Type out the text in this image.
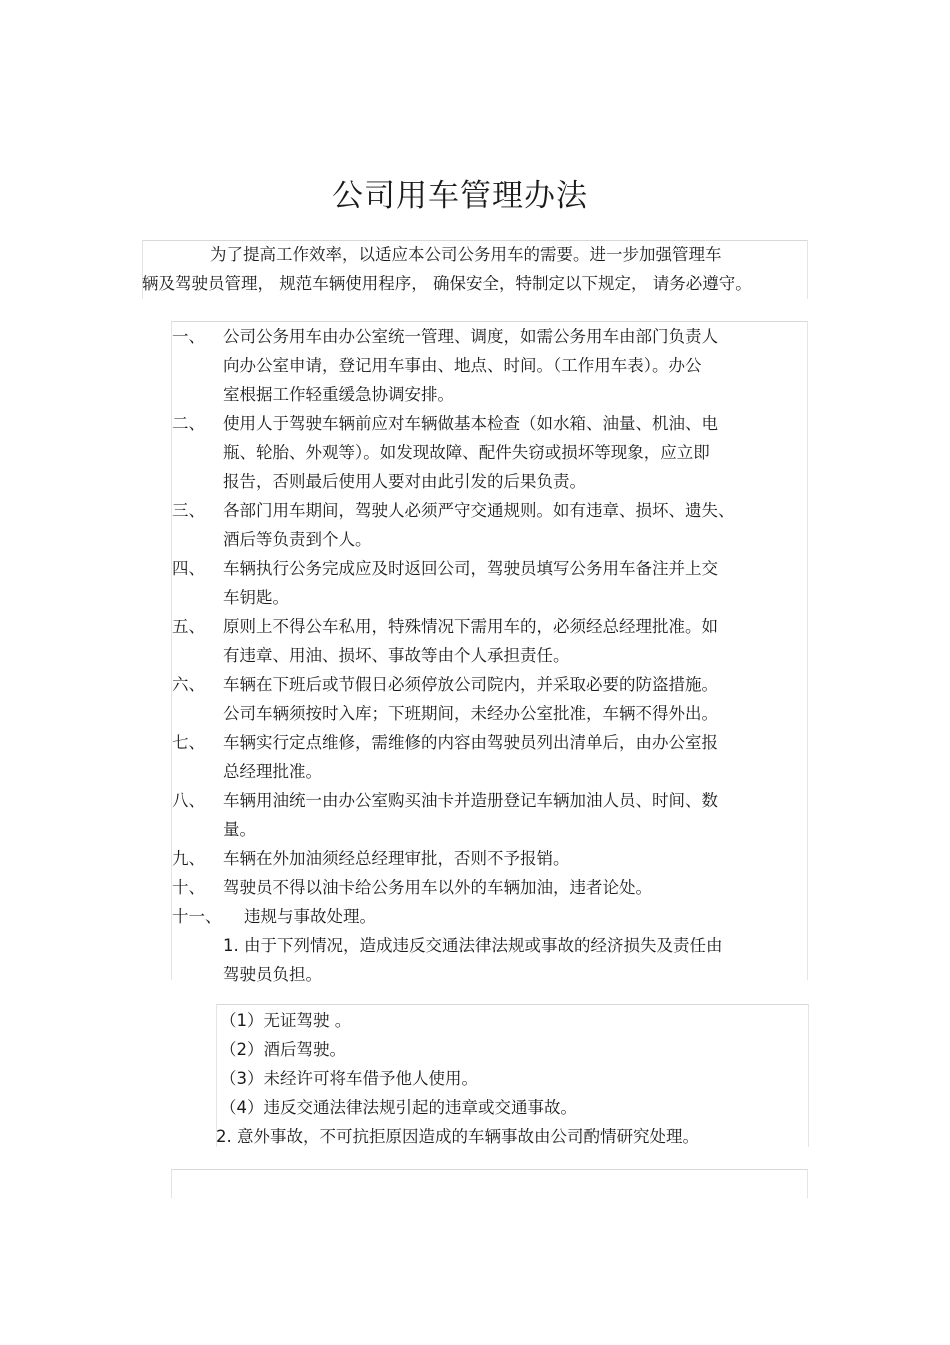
公司用车管理办法
为了提高工作效率，以适应本公司公务用车的需要。进一步加强管理车
辆及驾驶员管理， 规范车辆使用程序， 确保安全，特制定以下规定， 请务必遵守。
一、	公司公务用车由办公室统一管理、调度，如需公务用车由部门负责人
向办公室申请，登记用车事由、地点、时间。（工作用车表）。办公
室根据工作轻重缓急协调安排。
二、	使用人于驾驶车辆前应对车辆做基本检查（如水箱、油量、机油、电
瓶、轮胎、外观等）。如发现故障、配件失窃或损坏等现象，应立即
报告，否则最后使用人要对由此引发的后果负责。
三、	各部门用车期间，驾驶人必须严守交通规则。如有违章、损坏、遗失、
酒后等负责到个人。
四、	车辆执行公务完成应及时返回公司，驾驶员填写公务用车备注并上交
车钥匙。
五、	原则上不得公车私用，特殊情况下需用车的，必须经总经理批准。如
有违章、用油、损坏、事故等由个人承担责任。
六、	车辆在下班后或节假日必须停放公司院内，并采取必要的防盗措施。
公司车辆须按时入库；下班期间，未经办公室批准，车辆不得外出。
七、	车辆实行定点维修，需维修的内容由驾驶员列出清单后，由办公室报
总经理批准。
八、	车辆用油统一由办公室购买油卡并造册登记车辆加油人员、时间、数
量。
九、	车辆在外加油须经总经理审批，否则不予报销。
十、	驾驶员不得以油卡给公务用车以外的车辆加油，违者论处。
十一、	违规与事故处理。
1. 由于下列情况，造成违反交通法律法规或事故的经济损失及责任由
驾驶员负担。
（1）无证驾驶 。
（2）酒后驾驶。
（3）未经许可将车借予他人使用。
（4）违反交通法律法规引起的违章或交通事故。
2. 意外事故，不可抗拒原因造成的车辆事故由公司酌情研究处理。
